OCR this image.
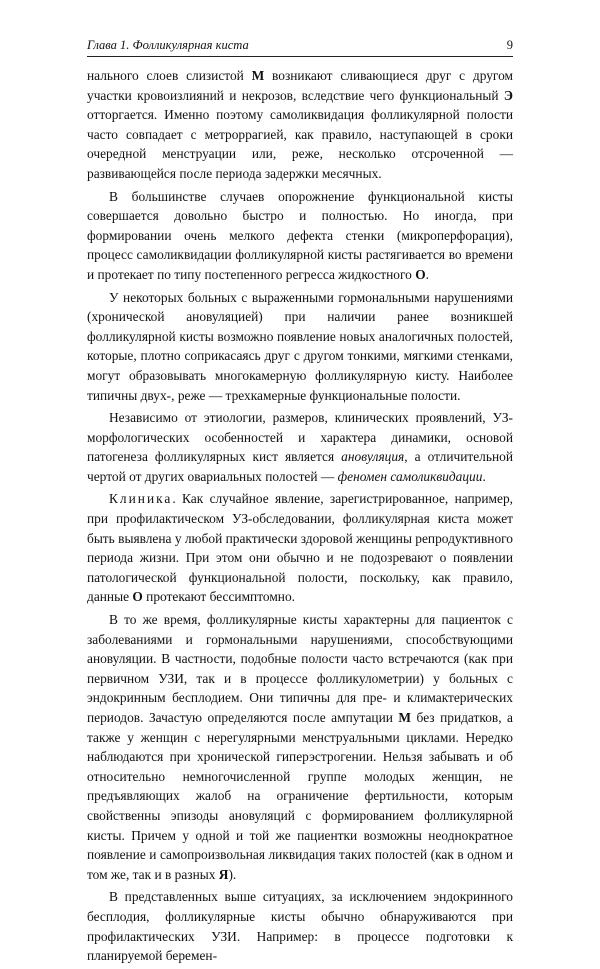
Глава 1. Фолликулярная киста	9

нального слоев слизистой М возникают сливающиеся друг с другом участки кровоизлияний и некрозов, вследствие чего функциональный Э отторгается. Именно поэтому самоликвидация фолликулярной полости часто совпадает с метроррагией, как правило, наступающей в сроки очередной менструации или, реже, несколько отсроченной — развивающейся после периода задержки месячных.

В большинстве случаев опорожнение функциональной кисты совершается довольно быстро и полностью. Но иногда, при формировании очень мелкого дефекта стенки (микроперфорация), процесс самоликвидации фолликулярной кисты растягивается во времени и протекает по типу постепенного регресса жидкостного О.

У некоторых больных с выраженными гормональными нарушениями (хронической ановуляцией) при наличии ранее возникшей фолликулярной кисты возможно появление новых аналогичных полостей, которые, плотно соприкасаясь друг с другом тонкими, мягкими стенками, могут образовывать многокамерную фолликулярную кисту. Наиболее типичны двух-, реже — трехкамерные функциональные полости.

Независимо от этиологии, размеров, клинических проявлений, УЗ-морфологических особенностей и характера динамики, основой патогенеза фолликулярных кист является ановуляция, а отличительной чертой от других овариальных полостей — феномен самоликвидации.

Клиника. Как случайное явление, зарегистрированное, например, при профилактическом УЗ-обследовании, фолликулярная киста может быть выявлена у любой практически здоровой женщины репродуктивного периода жизни. При этом они обычно и не подозревают о появлении патологической функциональной полости, поскольку, как правило, данные О протекают бессимптомно.

В то же время, фолликулярные кисты характерны для пациенток с заболеваниями и гормональными нарушениями, способствующими ановуляции. В частности, подобные полости часто встречаются (как при первичном УЗИ, так и в процессе фолликулометрии) у больных с эндокринным бесплодием. Они типичны для пре- и климактерических периодов. Зачастую определяются после ампутации М без придатков, а также у женщин с нерегулярными менструальными циклами. Нередко наблюдаются при хронической гиперэстрогении. Нельзя забывать и об относительно немногочисленной группе молодых женщин, не предъявляющих жалоб на ограничение фертильности, которым свойственны эпизоды ановуляций с формированием фолликулярной кисты. Причем у одной и той же пациентки возможны неоднократное появление и самопроизвольная ликвидация таких полостей (как в одном и том же, так и в разных Я).

В представленных выше ситуациях, за исключением эндокринного бесплодия, фолликулярные кисты обычно обнаруживаются при профилактических УЗИ. Например: в процессе подготовки к планируемой беремен-
